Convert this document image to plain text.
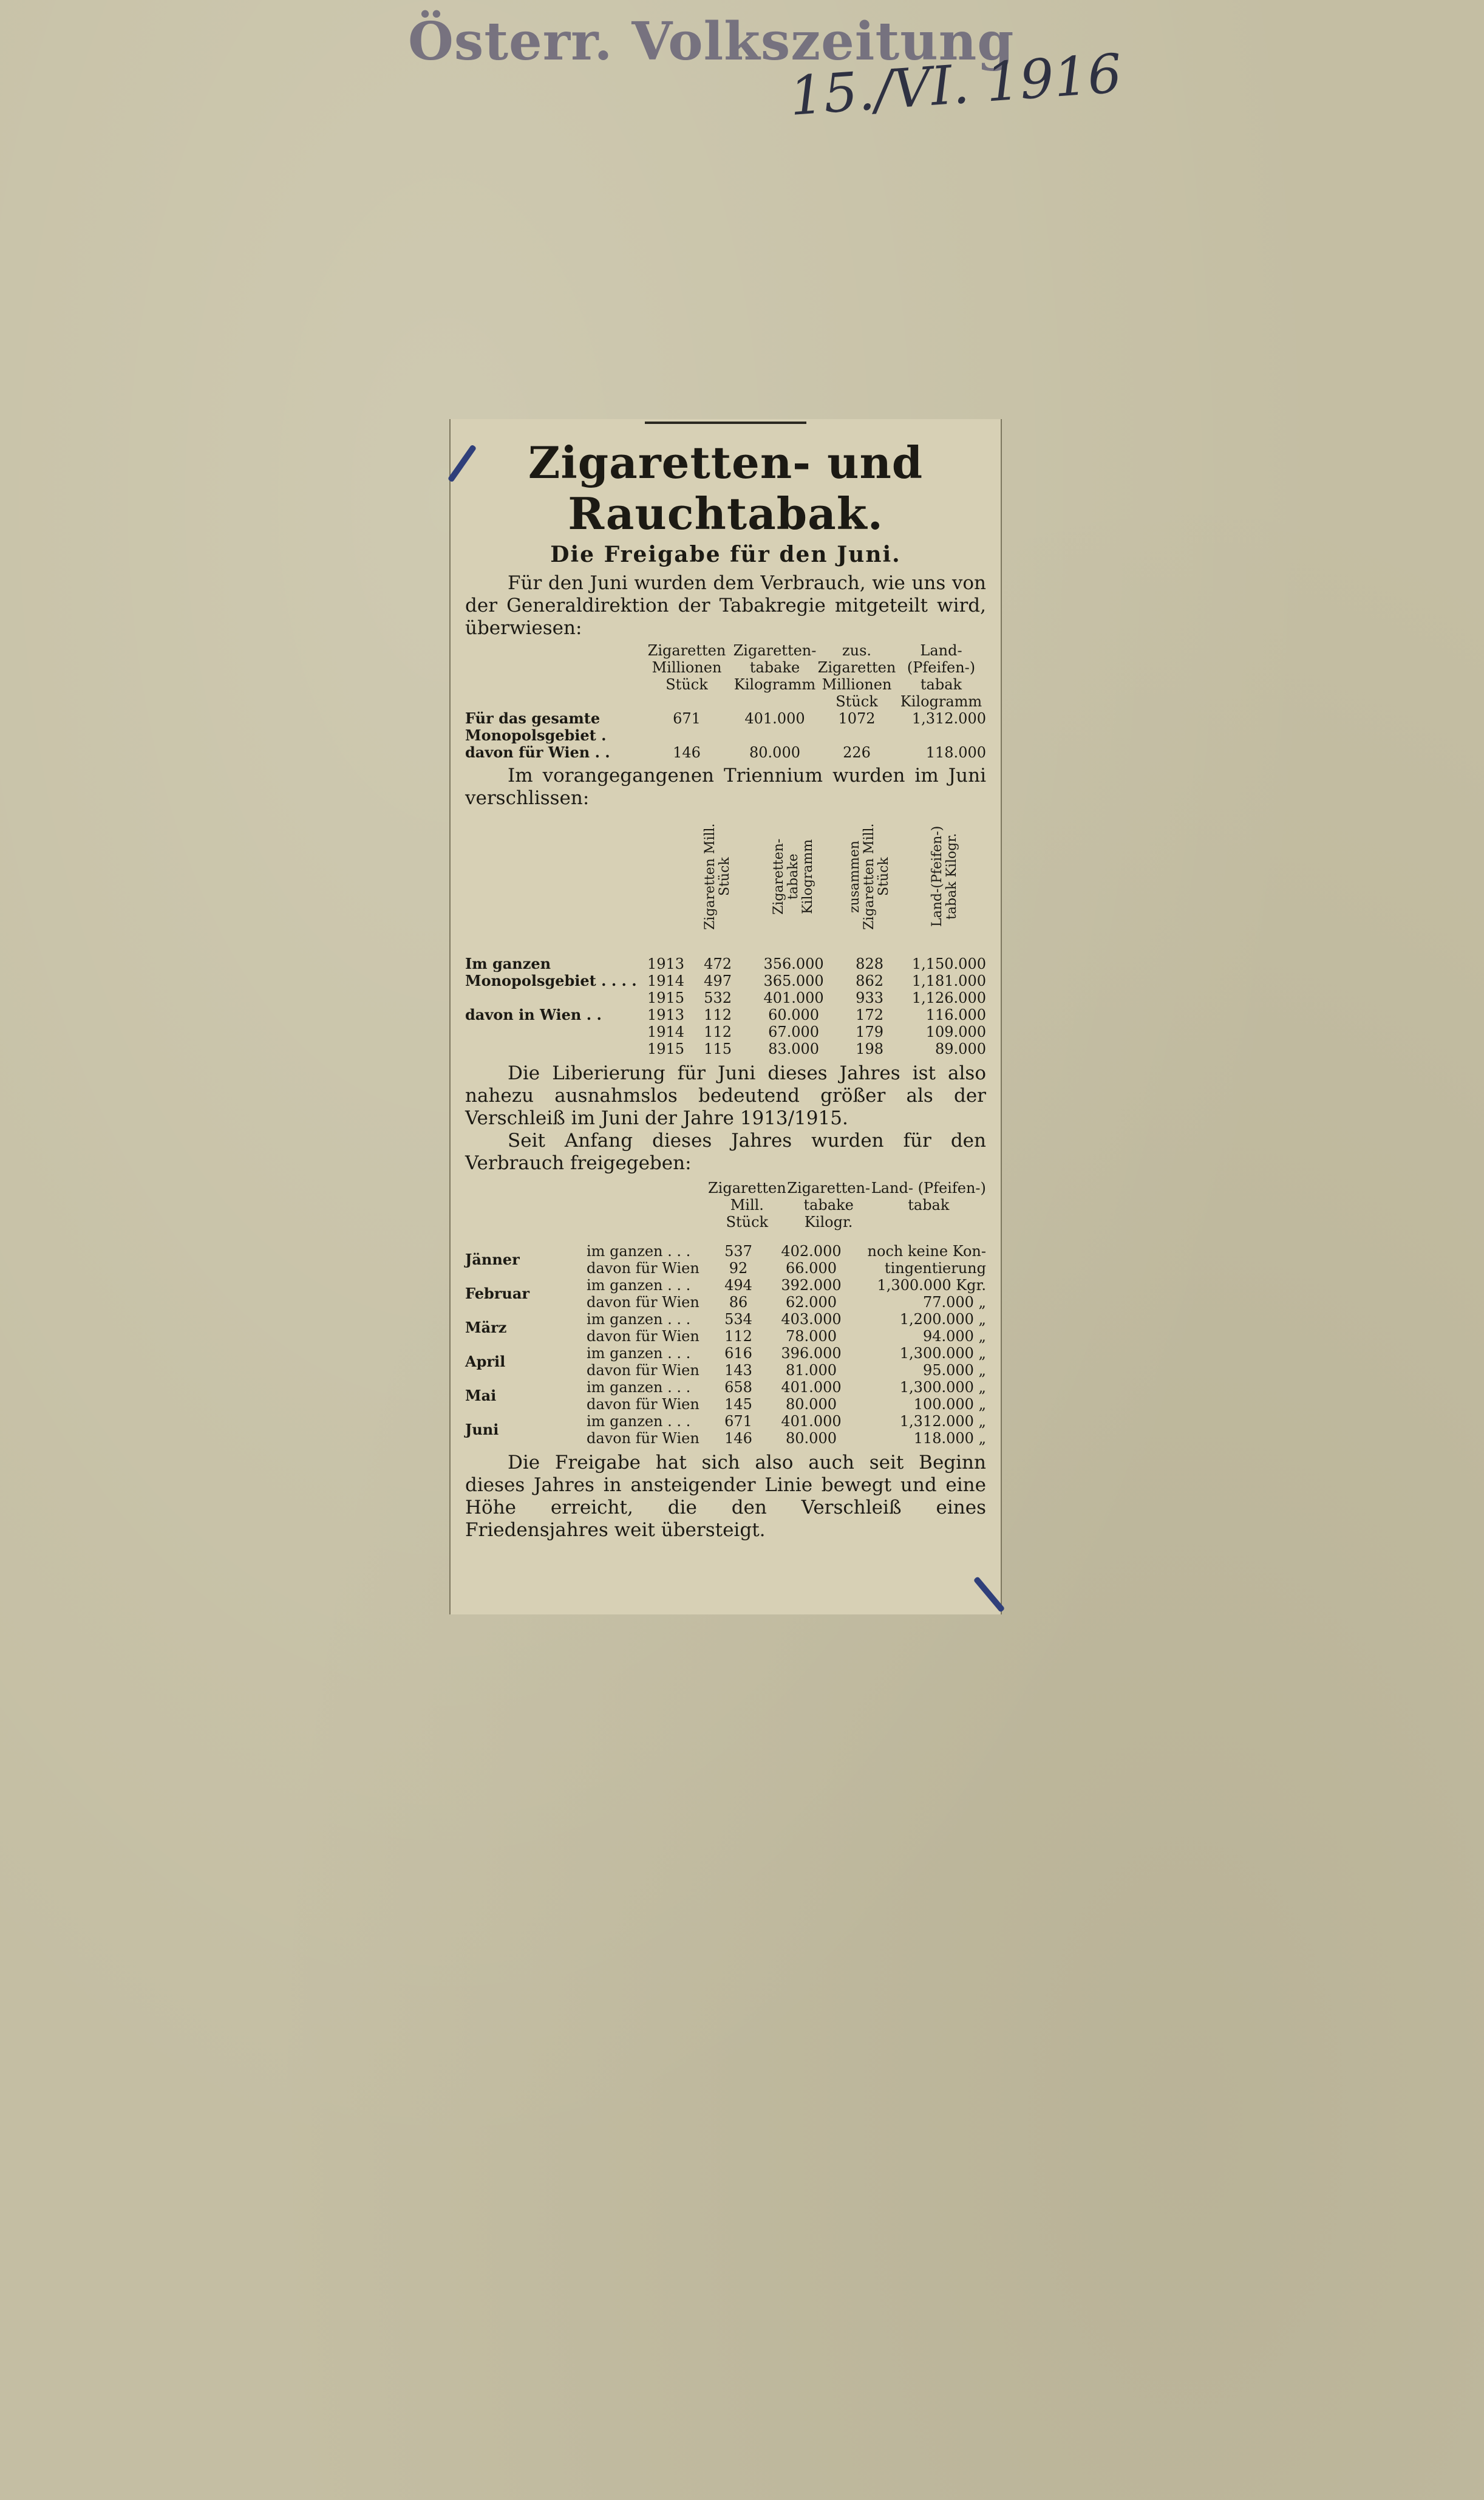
Österr. Volkszeitung
15./VI. 1916
Zigaretten- und Rauchtabak.
Die Freigabe für den Juni.

Für den Juni wurden dem Verbrauch, wie uns von der Generaldirektion der Tabakregie mitgeteilt wird, überwiesen:

	Zigaretten Millionen Stück	Zigaretten-tabake Kilogramm	zus. Zigaretten Millionen Stück	Land- (Pfeifen-) tabak Kilogramm
Für das gesamte Monopolsgebiet .	671	401.000	1072	1,312.000
davon für Wien . .	146	80.000	226	118.000

Im vorangegangenen Triennium wurden im Juni verschlissen:

		Zigaretten Mill. Stück	Zigaretten-tabake Kilogramm	zusammen Zigaretten Mill. Stück	Land-(Pfeifen-) tabak Kilogr.

Im ganzen Monopolsgebiet . . . .	1913	472	356.000	828	1,150.000
	1914	497	365.000	862	1,181.000
	1915	532	401.000	933	1,126.000
davon in Wien . .	1913	112	60.000	172	116.000
	1914	112	67.000	179	109.000
	1915	115	83.000	198	89.000

Die Liberierung für Juni dieses Jahres ist also nahezu ausnahmslos bedeutend größer als der Verschleiß im Juni der Jahre 1913/1915.

Seit Anfang dieses Jahres wurden für den Verbrauch freigegeben:

		Zigaretten Mill. Stück	Zigaretten-tabake Kilogr.	Land- (Pfeifen-) tabak

Jänner	im ganzen . . .	537	402.000	noch keine Kon-
	davon für Wien	92	66.000	tingentierung
Februar	im ganzen . . .	494	392.000	1,300.000 Kgr.
	davon für Wien	86	62.000	77.000 „
März	im ganzen . . .	534	403.000	1,200.000 „
	davon für Wien	112	78.000	94.000 „
April	im ganzen . . .	616	396.000	1,300.000 „
	davon für Wien	143	81.000	95.000 „
Mai	im ganzen . . .	658	401.000	1,300.000 „
	davon für Wien	145	80.000	100.000 „
Juni	im ganzen . . .	671	401.000	1,312.000 „
	davon für Wien	146	80.000	118.000 „

Die Freigabe hat sich also auch seit Beginn dieses Jahres in ansteigender Linie bewegt und eine Höhe erreicht, die den Verschleiß eines Friedensjahres weit übersteigt.
